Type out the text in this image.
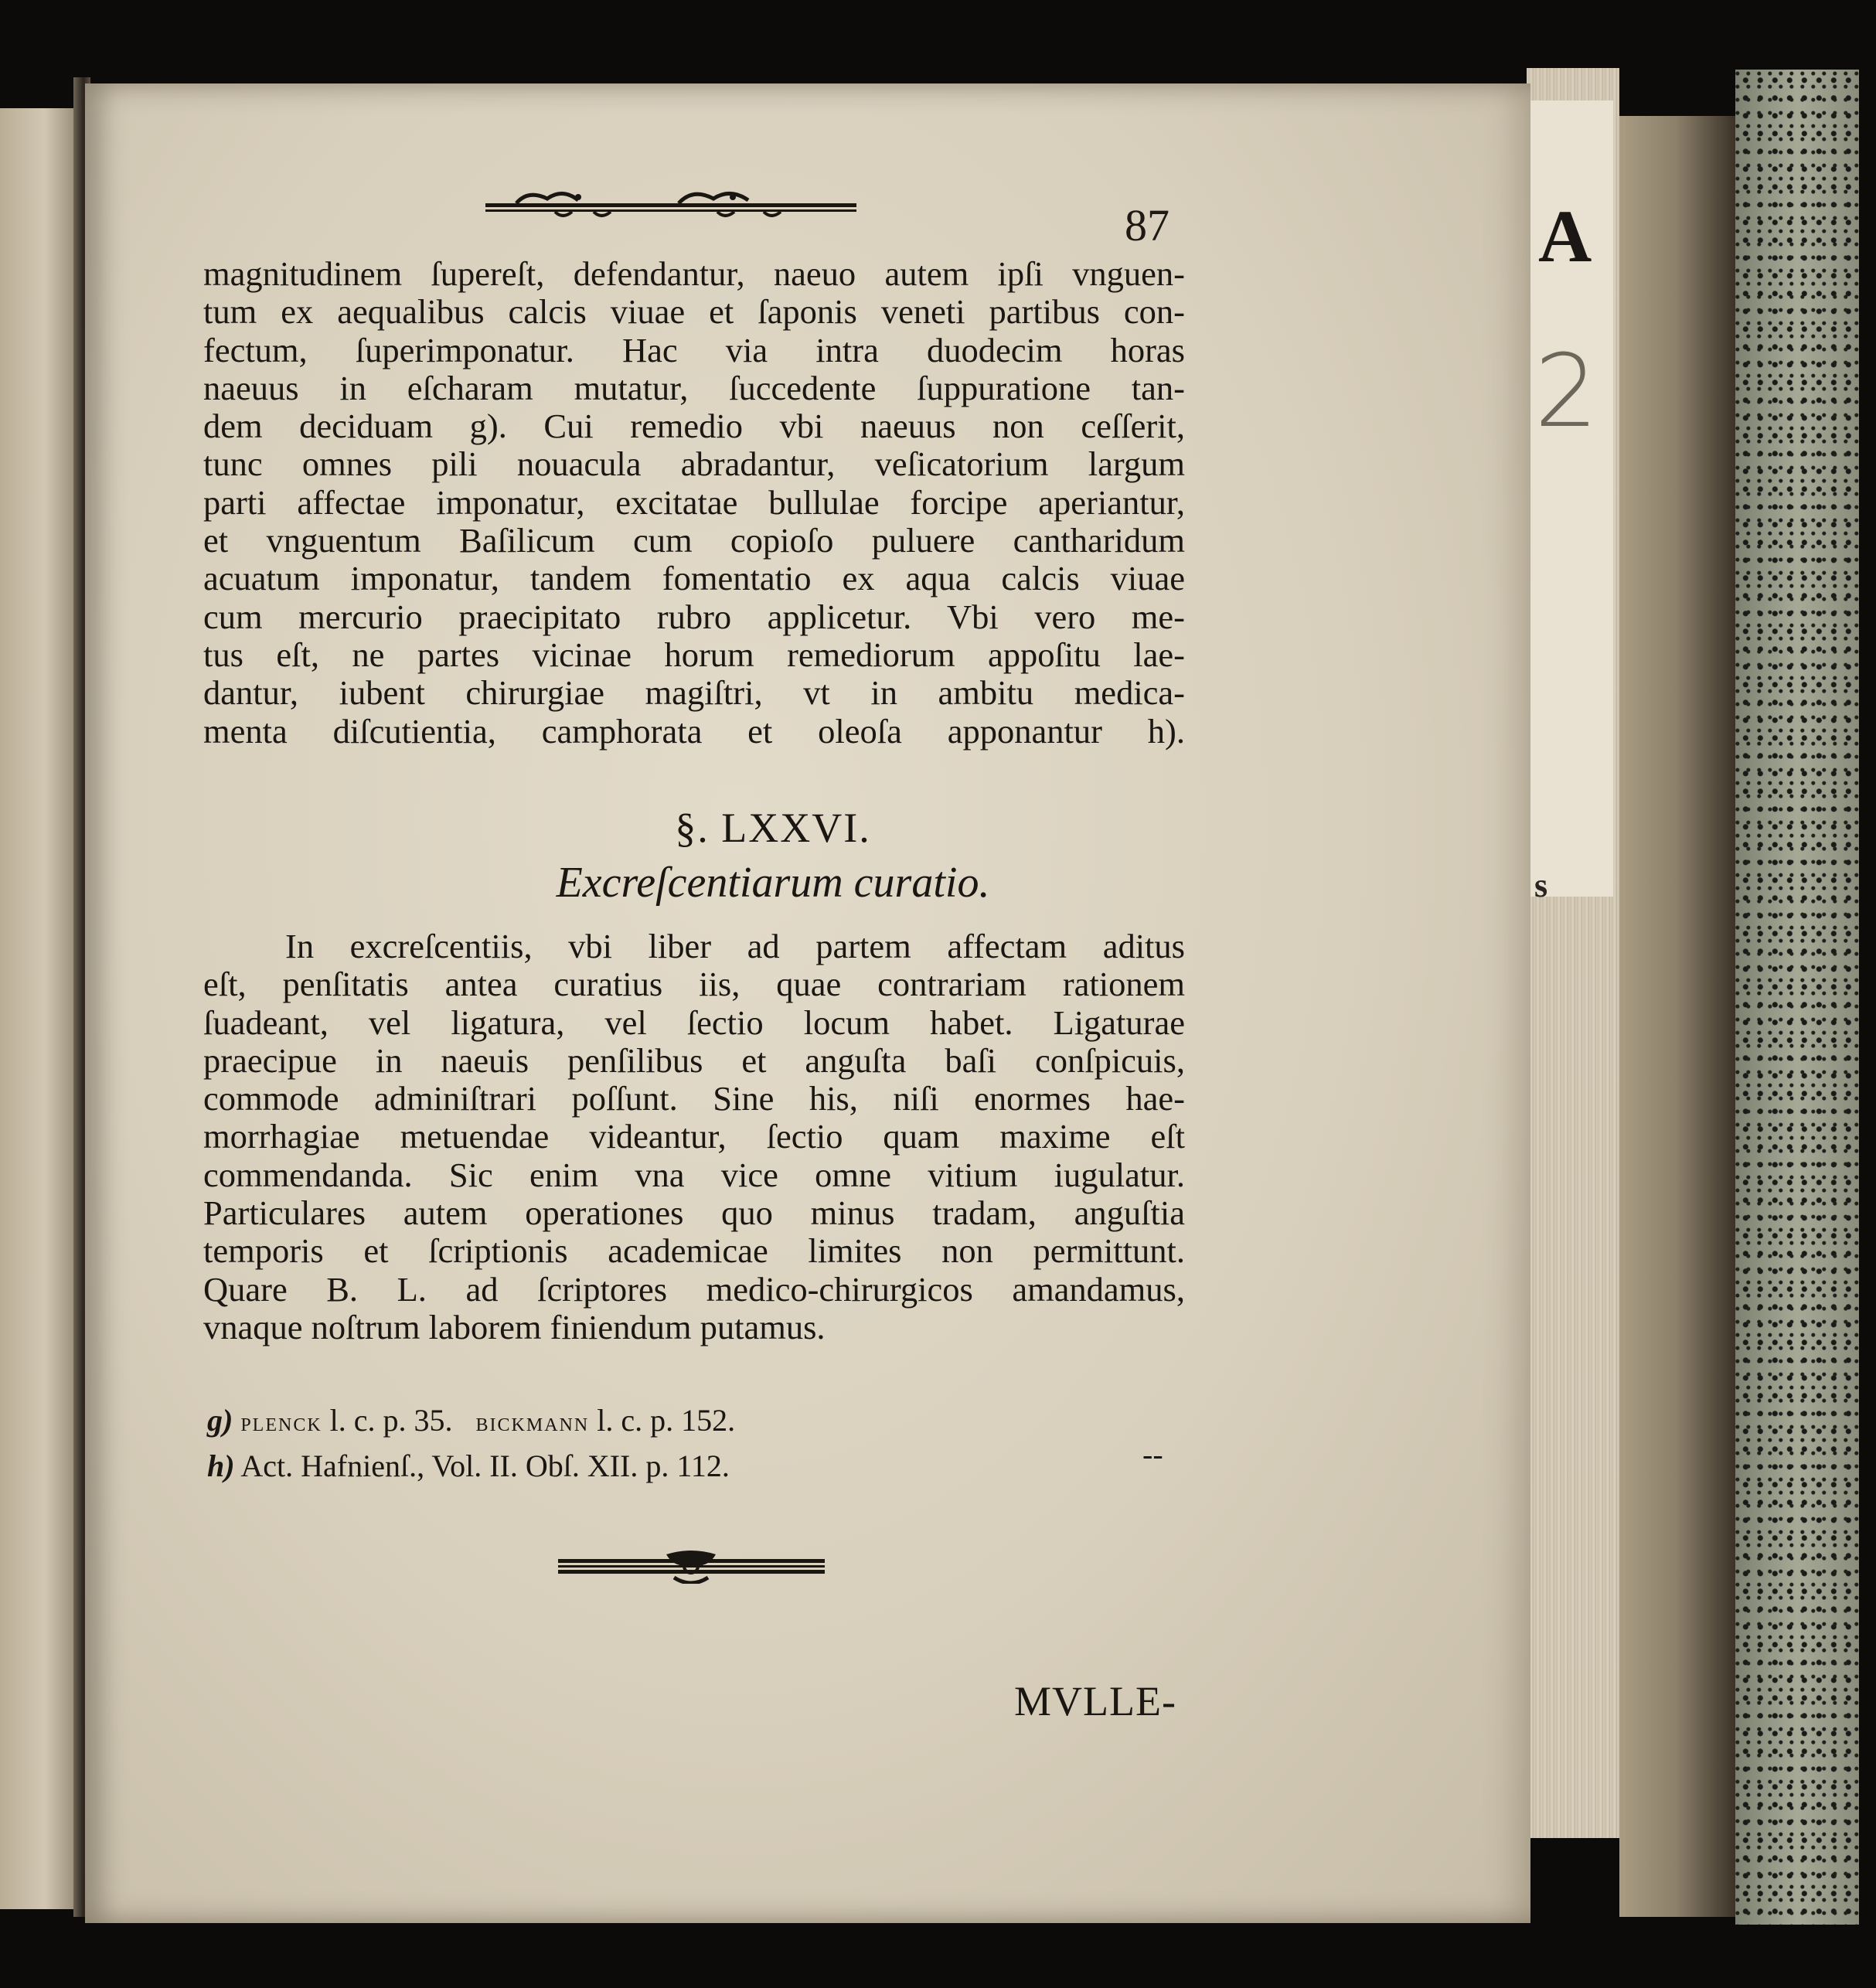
A
2
s
87
magnitudinem ſupereſt, defendantur, naeuo autem ipſi vnguen-
tum ex aequalibus calcis viuae et ſaponis veneti partibus con-
fectum, ſuperimponatur. Hac via intra duodecim horas
naeuus in eſcharam mutatur, ſuccedente ſuppuratione tan-
dem deciduam g). Cui remedio vbi naeuus non ceſſerit,
tunc omnes pili nouacula abradantur, veſicatorium largum
parti affectae imponatur, excitatae bullulae forcipe aperiantur,
et vnguentum Baſilicum cum copioſo puluere cantharidum
acuatum imponatur, tandem fomentatio ex aqua calcis viuae
cum mercurio praecipitato rubro applicetur. Vbi vero me-
tus eſt, ne partes vicinae horum remediorum appoſitu lae-
dantur, iubent chirurgiae magiſtri, vt in ambitu medica-
menta diſcutientia, camphorata et oleoſa apponantur h).
§. LXXVI.
Excreſcentiarum curatio.
In excreſcentiis, vbi liber ad partem affectam aditus
eſt, penſitatis antea curatius iis, quae contrariam rationem
ſuadeant, vel ligatura, vel ſectio locum habet. Ligaturae
praecipue in naeuis penſilibus et anguſta baſi conſpicuis,
commode adminiſtrari poſſunt. Sine his, niſi enormes hae-
morrhagiae metuendae videantur, ſectio quam maxime eſt
commendanda. Sic enim vna vice omne vitium iugulatur.
Particulares autem operationes quo minus tradam, anguſtia
temporis et ſcriptionis academicae limites non permittunt.
Quare B. L. ad ſcriptores medico-chirurgicos amandamus,
vnaque noſtrum laborem finiendum putamus.
g) plenck l. c. p. 35. bickmann l. c. p. 152.
h) Act. Hafnienſ., Vol. II. Obſ. XII. p. 112.	--
MVLLE-
